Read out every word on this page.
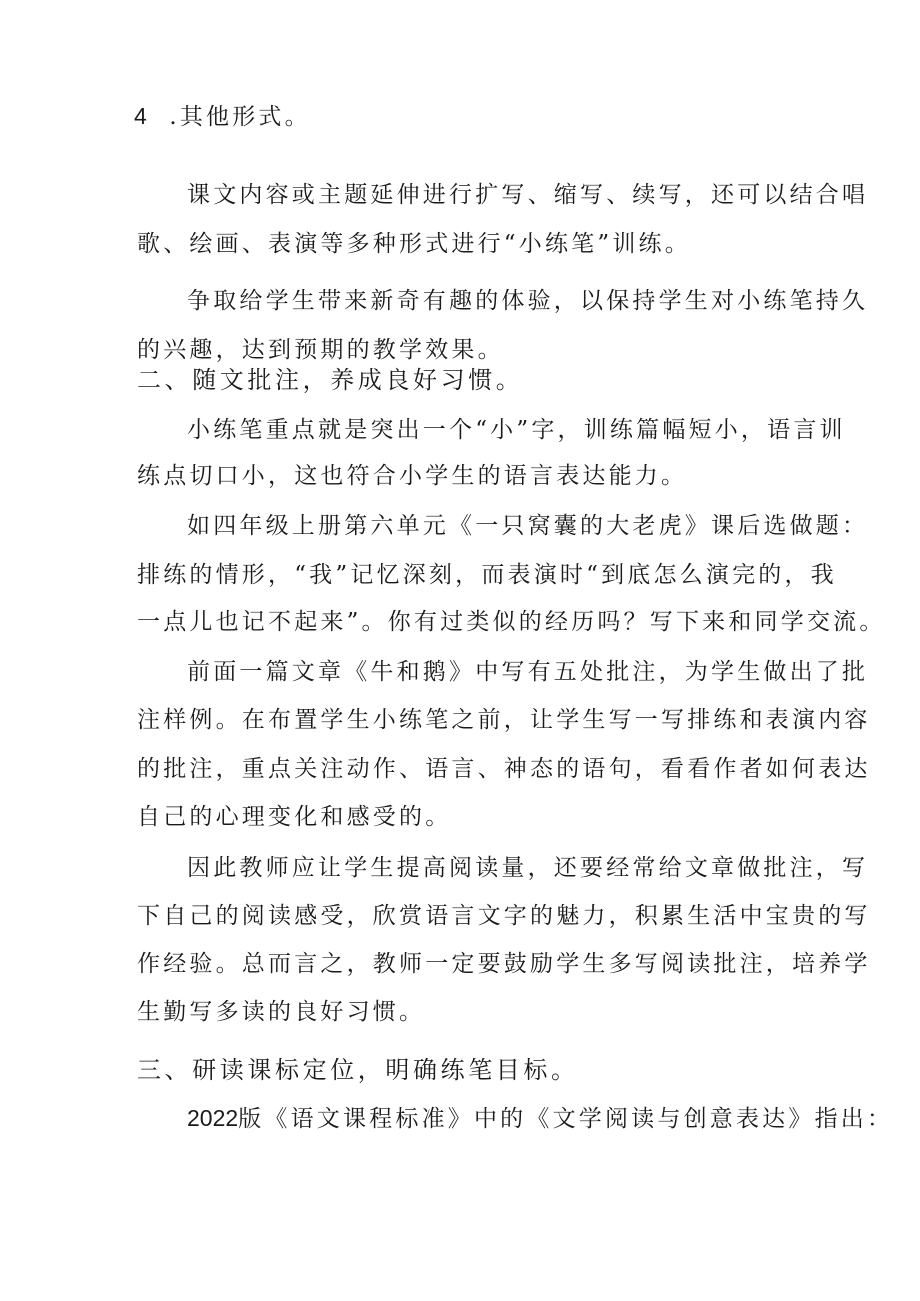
4 .其他形式。
课文内容或主题延伸进行扩写、缩写、续写，还可以结合唱
歌、绘画、表演等多种形式进行“小练笔”训练。
争取给学生带来新奇有趣的体验，以保持学生对小练笔持久
的兴趣，达到预期的教学效果。
二、随文批注，养成良好习惯。
小练笔重点就是突出一个“小”字，训练篇幅短小，语言训
练点切口小，这也符合小学生的语言表达能力。
如四年级上册第六单元《一只窝囊的大老虎》课后选做题：
排练的情形，“我”记忆深刻，而表演时“到底怎么演完的，我
一点儿也记不起来”。你有过类似的经历吗？写下来和同学交流。
前面一篇文章《牛和鹅》中写有五处批注，为学生做出了批
注样例。在布置学生小练笔之前，让学生写一写排练和表演内容
的批注，重点关注动作、语言、神态的语句，看看作者如何表达
自己的心理变化和感受的。
因此教师应让学生提高阅读量，还要经常给文章做批注，写
下自己的阅读感受，欣赏语言文字的魅力，积累生活中宝贵的写
作经验。总而言之，教师一定要鼓励学生多写阅读批注，培养学
生勤写多读的良好习惯。
三、研读课标定位，明确练笔目标。
2022版《语文课程标准》中的《文学阅读与创意表达》指出：
